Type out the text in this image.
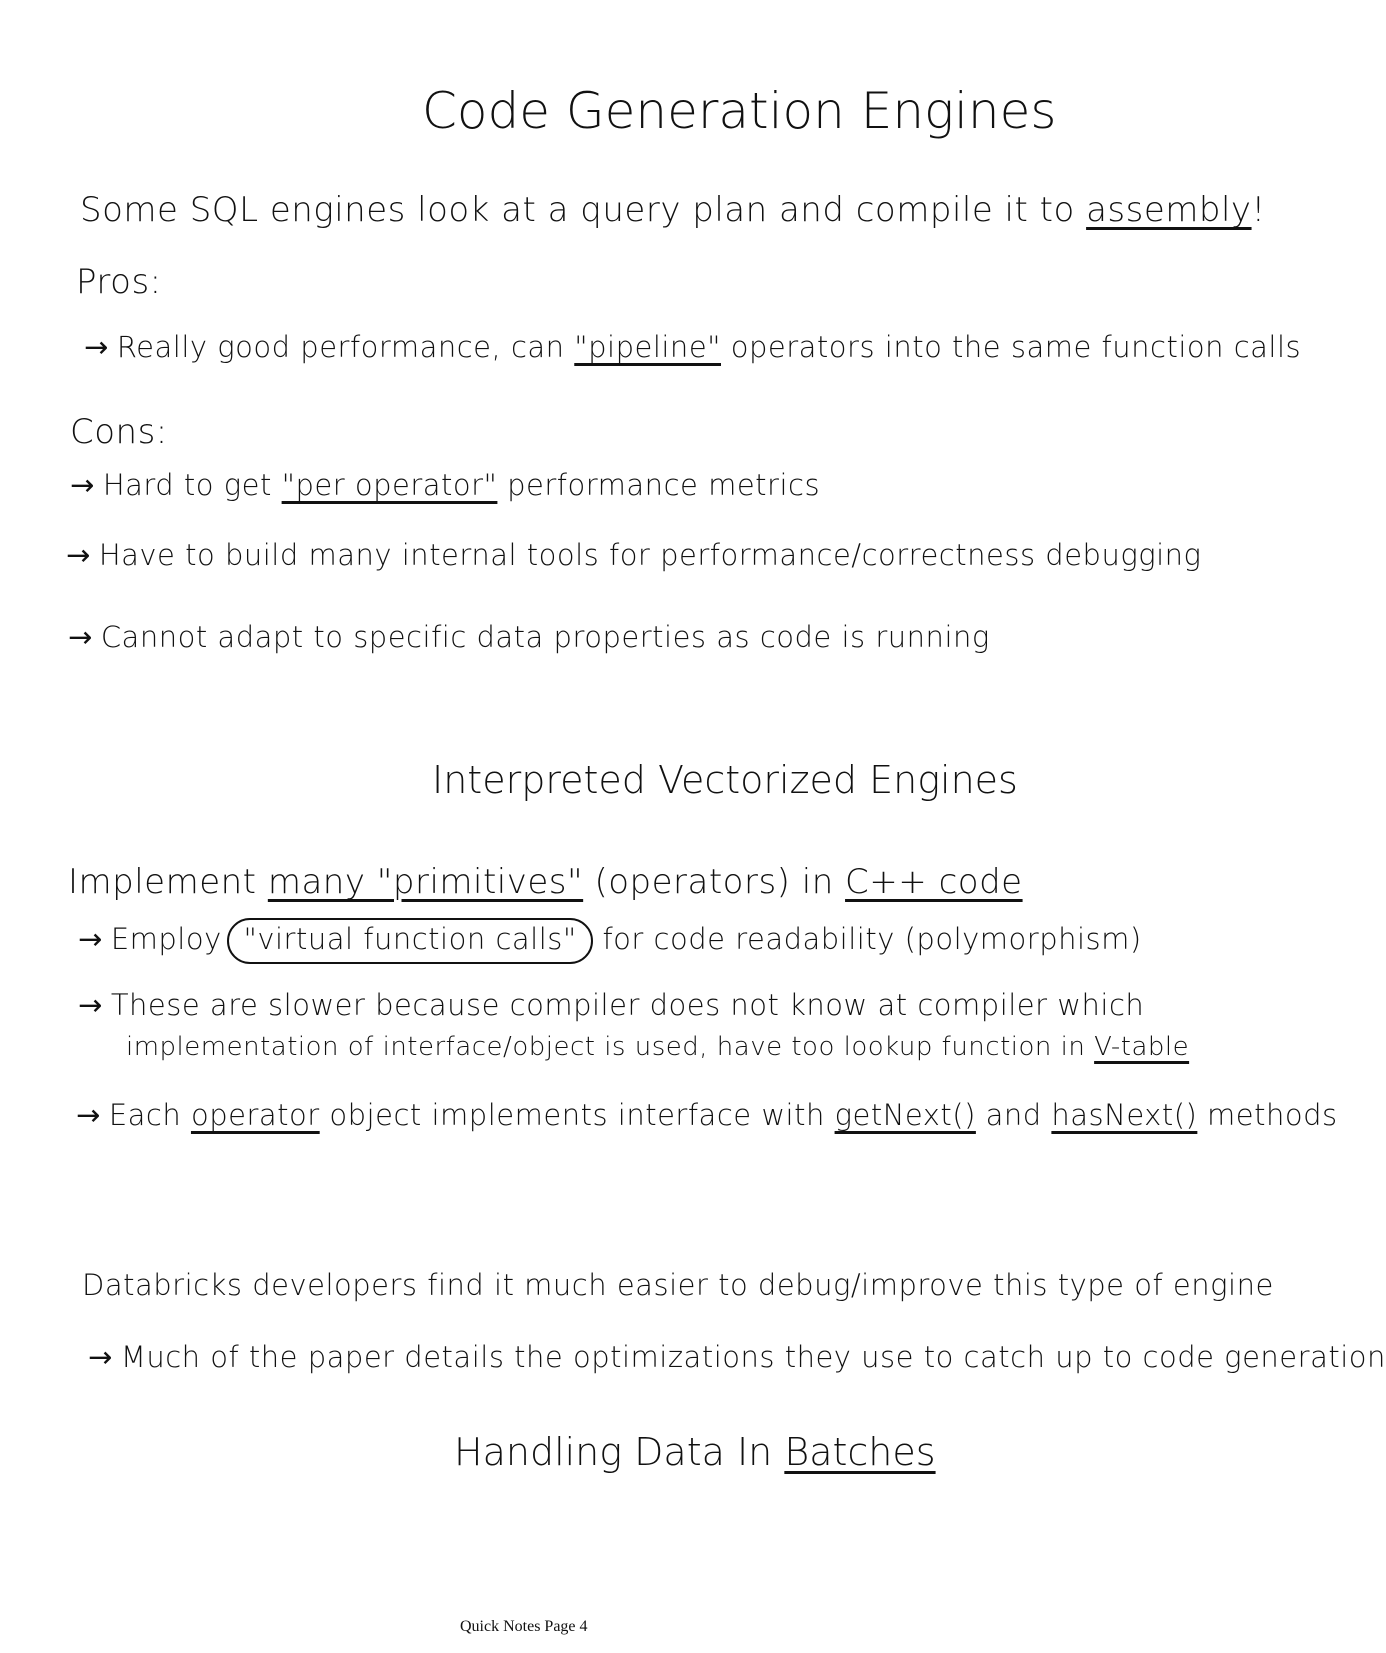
Code Generation Engines
Some SQL engines look at a query plan and compile it to assembly!
Pros:
→ Really good performance, can "pipeline" operators into the same function calls
Cons:
→ Hard to get "per operator" performance metrics
→ Have to build many internal tools for performance/correctness debugging
→ Cannot adapt to specific data properties as code is running
Interpreted Vectorized Engines
Implement many "primitives" (operators) in C++ code
→ Employ "virtual function calls" for code readability (polymorphism)
→ These are slower because compiler does not know at compiler which
implementation of interface/object is used, have too lookup function in V-table
→ Each operator object implements interface with getNext() and hasNext() methods
Databricks developers find it much easier to debug/improve this type of engine
→ Much of the paper details the optimizations they use to catch up to code generation
Handling Data In Batches
Quick Notes Page 4
